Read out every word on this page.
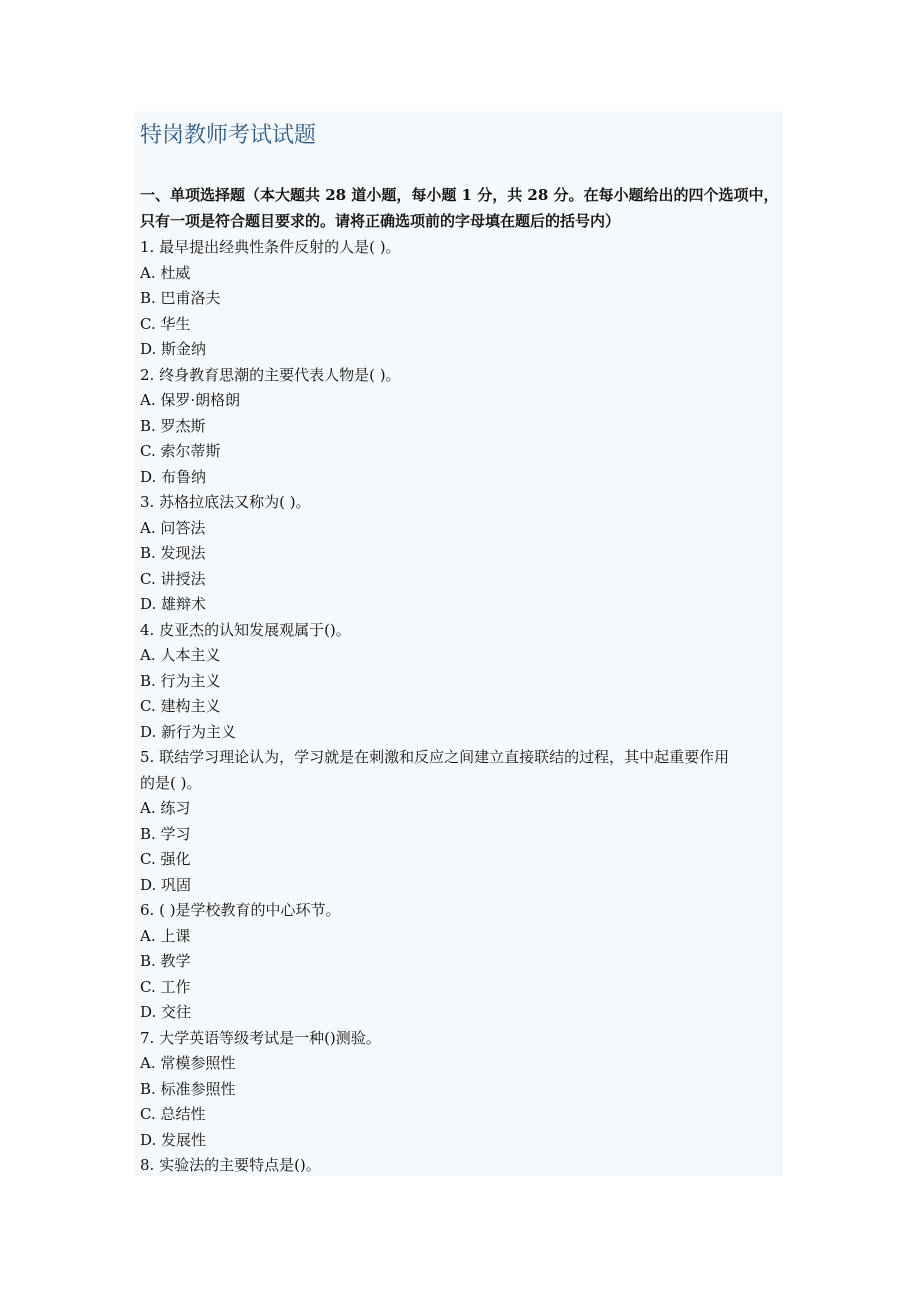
特岗教师考试试题
一、单项选择题（本大题共 28 道小题，每小题 1 分，共 28 分。在每小题给出的四个选项中，只有一项是符合题目要求的。请将正确选项前的字母填在题后的括号内）
1. 最早提出经典性条件反射的人是( )。
A. 杜威
B. 巴甫洛夫
C. 华生
D. 斯金纳
2. 终身教育思潮的主要代表人物是( )。
A. 保罗·朗格朗
B. 罗杰斯
C. 索尔蒂斯
D. 布鲁纳
3. 苏格拉底法又称为( )。
A. 问答法
B. 发现法
C. 讲授法
D. 雄辩术
4. 皮亚杰的认知发展观属于()。
A. 人本主义
B. 行为主义
C. 建构主义
D. 新行为主义
5. 联结学习理论认为，学习就是在刺激和反应之间建立直接联结的过程，其中起重要作用
的是( )。
A. 练习
B. 学习
C. 强化
D. 巩固
6. ( )是学校教育的中心环节。
A. 上课
B. 教学
C. 工作
D. 交往
7. 大学英语等级考试是一种()测验。
A. 常模参照性
B. 标准参照性
C. 总结性
D. 发展性
8. 实验法的主要特点是()。
